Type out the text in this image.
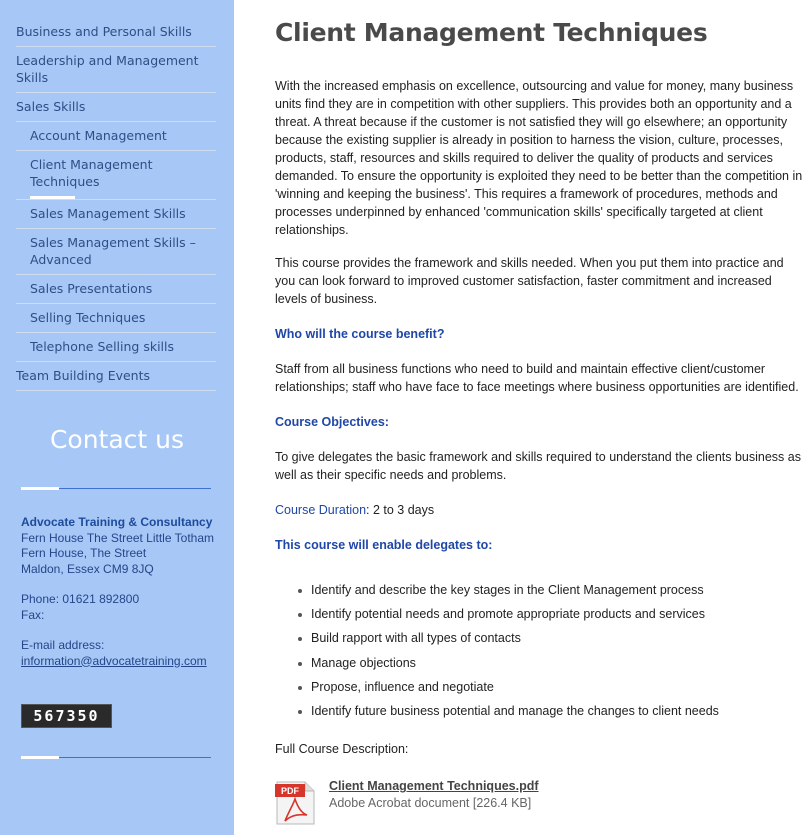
Business and Personal Skills
Leadership and Management Skills
Sales Skills
Account Management
Client Management Techniques
Sales Management Skills
Sales Management Skills – Advanced
Sales Presentations
Selling Techniques
Telephone Selling skills
Team Building Events
Contact us
Advocate Training & Consultancy
Fern House The Street Little Totham
Fern House, The Street
Maldon, Essex CM9 8JQ
Phone: 01621 892800
Fax:
E-mail address:
information@advocatetraining.com
567350
Client Management Techniques
With the increased emphasis on excellence, outsourcing and value for money, many business units find they are in competition with other suppliers. This provides both an opportunity and a threat. A threat because if the customer is not satisfied they will go elsewhere; an opportunity because the existing supplier is already in position to harness the vision, culture, processes, products, staff, resources and skills required to deliver the quality of products and services demanded. To ensure the opportunity is exploited they need to be better than the competition in 'winning and keeping the business'. This requires a framework of procedures, methods and processes underpinned by enhanced 'communication skills' specifically targeted at client relationships.
This course provides the framework and skills needed. When you put them into practice and you can look forward to improved customer satisfaction, faster commitment and increased levels of business.
Who will the course benefit?
Staff from all business functions who need to build and maintain effective client/customer relationships; staff who have face to face meetings where business opportunities are identified.
Course Objectives:
To give delegates the basic framework and skills required to understand the clients business as well as their specific needs and problems.
Course Duration: 2 to 3 days
This course will enable delegates to:
Identify and describe the key stages in the Client Management process
Identify potential needs and promote appropriate products and services
Build rapport with all types of contacts
Manage objections
Propose, influence and negotiate
Identify future business potential and manage the changes to client needs
Full Course Description:
PDF Client Management Techniques.pdf
Adobe Acrobat document [226.4 KB]
